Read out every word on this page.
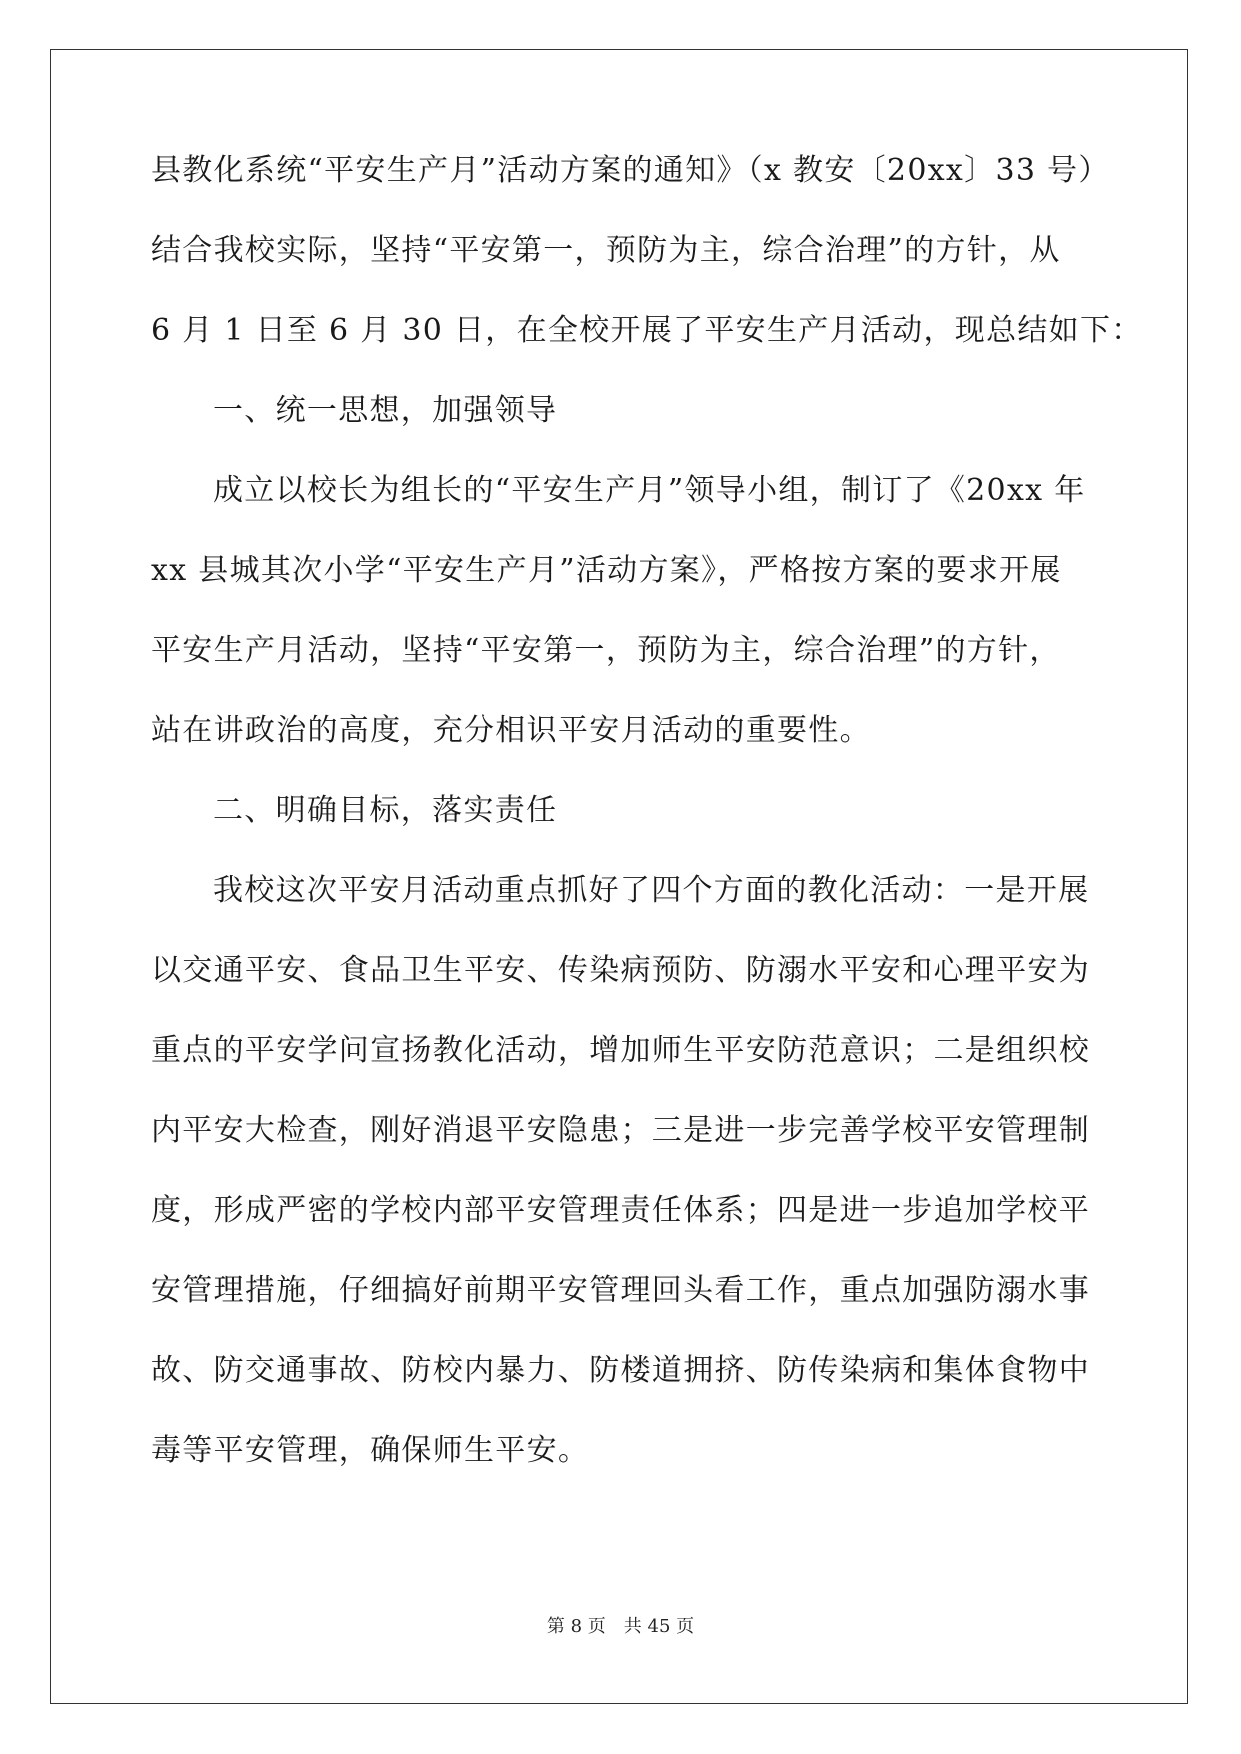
县教化系统“平安生产月”活动方案的通知》（x 教安〔20xx〕33 号）
结合我校实际，坚持“平安第一，预防为主，综合治理”的方针，从
6 月 1 日至 6 月 30 日，在全校开展了平安生产月活动，现总结如下：
一、统一思想，加强领导
成立以校长为组长的“平安生产月”领导小组，制订了《20xx 年
xx 县城其次小学“平安生产月”活动方案》，严格按方案的要求开展
平安生产月活动，坚持“平安第一，预防为主，综合治理”的方针，
站在讲政治的高度，充分相识平安月活动的重要性。
二、明确目标，落实责任
我校这次平安月活动重点抓好了四个方面的教化活动：一是开展
以交通平安、食品卫生平安、传染病预防、防溺水平安和心理平安为
重点的平安学问宣扬教化活动，增加师生平安防范意识；二是组织校
内平安大检查，刚好消退平安隐患；三是进一步完善学校平安管理制
度，形成严密的学校内部平安管理责任体系；四是进一步追加学校平
安管理措施，仔细搞好前期平安管理回头看工作，重点加强防溺水事
故、防交通事故、防校内暴力、防楼道拥挤、防传染病和集体食物中
毒等平安管理，确保师生平安。
第 8 页 共 45 页
